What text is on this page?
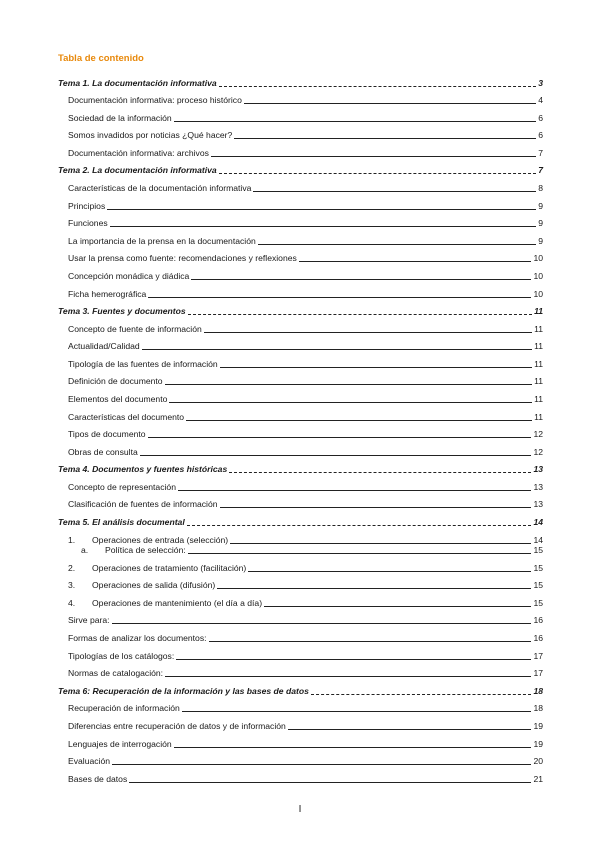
Tabla de contenido
Tema 1. La documentación informativa	3
Documentación informativa: proceso histórico	4
Sociedad de la información	6
Somos invadidos por noticias ¿Qué hacer?	6
Documentación informativa: archivos	7
Tema 2. La documentación informativa	7
Características de la documentación informativa	8
Principios	9
Funciones	9
La importancia de la prensa en la documentación	9
Usar la prensa como fuente: recomendaciones y reflexiones	10
Concepción monádica y diádica	10
Ficha hemerográfica	10
Tema 3. Fuentes y documentos	11
Concepto de fuente de información	11
Actualidad/Calidad	11
Tipología de las fuentes de información	11
Definición de documento	11
Elementos del documento	11
Características del documento	11
Tipos de documento	12
Obras de consulta	12
Tema 4. Documentos y fuentes históricas	13
Concepto de representación	13
Clasificación de fuentes de información	13
Tema 5. El análisis documental	14
1.	Operaciones de entrada (selección)	14
a.	Política de selección:	15
2.	Operaciones de tratamiento (facilitación)	15
3.	Operaciones de salida (difusión)	15
4.	Operaciones de mantenimiento (el día a día)	15
Sirve para:	16
Formas de analizar los documentos:	16
Tipologías de los catálogos:	17
Normas de catalogación:	17
Tema 6: Recuperación de la información y las bases de datos	18
Recuperación de información	18
Diferencias entre recuperación de datos y de información	19
Lenguajes de interrogación	19
Evaluación	20
Bases de datos	21
I
